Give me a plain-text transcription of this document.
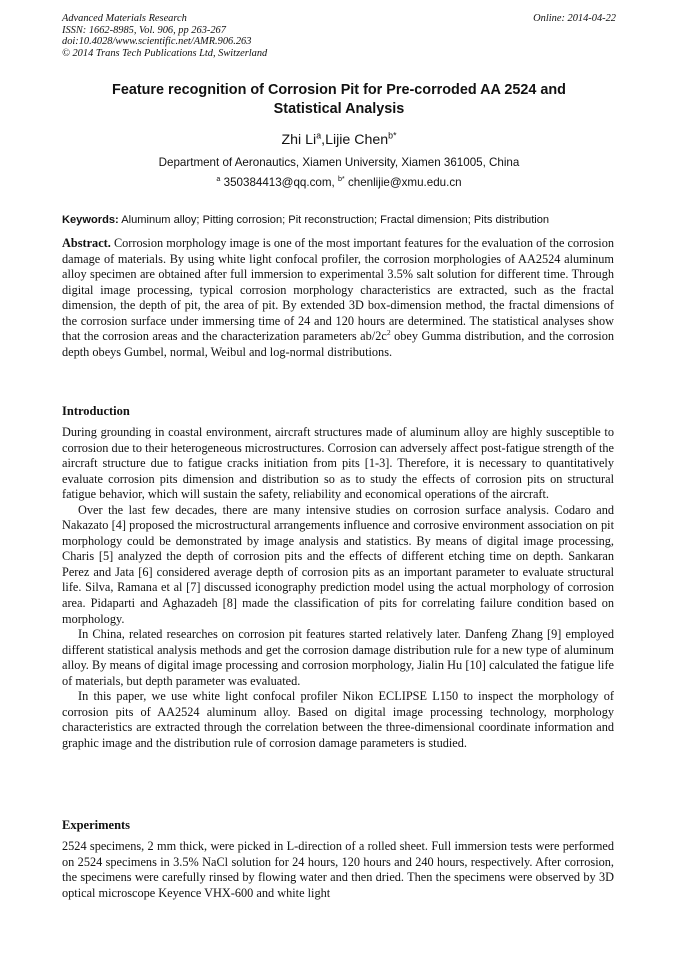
Advanced Materials Research
ISSN: 1662-8985, Vol. 906, pp 263-267
doi:10.4028/www.scientific.net/AMR.906.263
© 2014 Trans Tech Publications Ltd, Switzerland
Online: 2014-04-22
Feature recognition of Corrosion Pit for Pre-corroded AA 2524 and
Statistical Analysis
Zhi Li$^a$,Lijie Chen$^{b*}$
Department of Aeronautics, Xiamen University, Xiamen 361005, China
$^a$ 350384413@qq.com, $^{b*}$ chenlijie@xmu.edu.cn
Keywords: Aluminum alloy; Pitting corrosion; Pit reconstruction; Fractal dimension; Pits distribution

Abstract. Corrosion morphology image is one of the most important features for the evaluation of the corrosion damage of materials. By using white light confocal profiler, the corrosion morphologies of AA2524 aluminum alloy specimen are obtained after full immersion to experimental 3.5% salt solution for different time. Through digital image processing, typical corrosion morphology characteristics are extracted, such as the fractal dimension, the depth of pit, the area of pit. By extended 3D box-dimension method, the fractal dimensions of the corrosion surface under immersing time of 24 and 120 hours are determined. The statistical analyses show that the corrosion areas and the characterization parameters $ab/2c^2$ obey Gumma distribution, and the corrosion depth obeys Gumbel, normal, Weibul and log-normal distributions.

Introduction

During grounding in coastal environment, aircraft structures made of aluminum alloy are highly susceptible to corrosion due to their heterogeneous microstructures. Corrosion can adversely affect post-fatigue strength of the aircraft structure due to fatigue cracks initiation from pits [1-3]. Therefore, it is necessary to quantitatively evaluate corrosion pits dimension and distribution so as to study the effects of corrosion pits on structural fatigue behavior, which will sustain the safety, reliability and economical operations of the aircraft.

Over the last few decades, there are many intensive studies on corrosion surface analysis. Codaro and Nakazato [4] proposed the microstructural arrangements influence and corrosive environment association on pit morphology could be demonstrated by image analysis and statistics. By means of digital image processing, Charis [5] analyzed the depth of corrosion pits and the effects of different etching time on depth. Sankaran Perez and Jata [6] considered average depth of corrosion pits as an important parameter to evaluate structural life. Silva, Ramana et al [7] discussed iconography prediction model using the actual morphology of corrosion area. Pidaparti and Aghazadeh [8] made the classification of pits for correlating failure condition based on morphology.

In China, related researches on corrosion pit features started relatively later. Danfeng Zhang [9] employed different statistical analysis methods and get the corrosion damage distribution rule for a new type of aluminum alloy. By means of digital image processing and corrosion morphology, Jialin Hu [10] calculated the fatigue life of materials, but depth parameter was evaluated.

In this paper, we use white light confocal profiler Nikon ECLIPSE L150 to inspect the morphology of corrosion pits of AA2524 aluminum alloy. Based on digital image processing technology, morphology characteristics are extracted through the correlation between the three-dimensional coordinate information and graphic image and the distribution rule of corrosion damage parameters is studied.

Experiments

2524 specimens, 2 mm thick, were picked in L-direction of a rolled sheet. Full immersion tests were performed on 2524 specimens in 3.5% NaCl solution for 24 hours, 120 hours and 240 hours, respectively. After corrosion, the specimens were carefully rinsed by flowing water and then dried. Then the specimens were observed by 3D optical microscope Keyence VHX-600 and white light
